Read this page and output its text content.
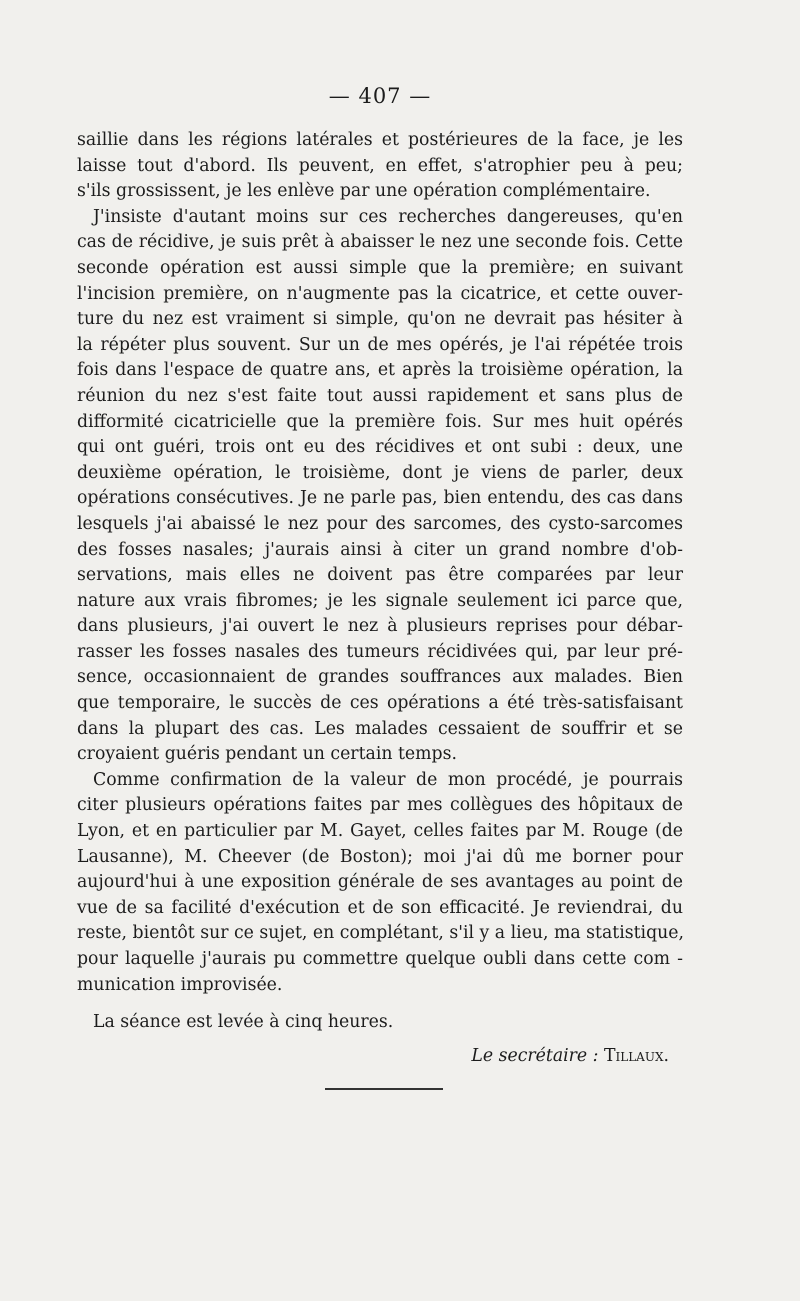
— 407 —
saillie dans les régions latérales et postérieures de la face, je les
laisse tout d'abord. Ils peuvent, en effet, s'atrophier peu à peu;
s'ils grossissent, je les enlève par une opération complémentaire.
J'insiste d'autant moins sur ces recherches dangereuses, qu'en
cas de récidive, je suis prêt à abaisser le nez une seconde fois. Cette
seconde opération est aussi simple que la première; en suivant
l'incision première, on n'augmente pas la cicatrice, et cette ouver-
ture du nez est vraiment si simple, qu'on ne devrait pas hésiter à
la répéter plus souvent. Sur un de mes opérés, je l'ai répétée trois
fois dans l'espace de quatre ans, et après la troisième opération, la
réunion du nez s'est faite tout aussi rapidement et sans plus de
difformité cicatricielle que la première fois. Sur mes huit opérés
qui ont guéri, trois ont eu des récidives et ont subi : deux, une
deuxième opération, le troisième, dont je viens de parler, deux
opérations consécutives. Je ne parle pas, bien entendu, des cas dans
lesquels j'ai abaissé le nez pour des sarcomes, des cysto-sarcomes
des fosses nasales; j'aurais ainsi à citer un grand nombre d'ob-
servations, mais elles ne doivent pas être comparées par leur
nature aux vrais fibromes; je les signale seulement ici parce que,
dans plusieurs, j'ai ouvert le nez à plusieurs reprises pour débar-
rasser les fosses nasales des tumeurs récidivées qui, par leur pré-
sence, occasionnaient de grandes souffrances aux malades. Bien
que temporaire, le succès de ces opérations a été très-satisfaisant
dans la plupart des cas. Les malades cessaient de souffrir et se
croyaient guéris pendant un certain temps.
Comme confirmation de la valeur de mon procédé, je pourrais
citer plusieurs opérations faites par mes collègues des hôpitaux de
Lyon, et en particulier par M. Gayet, celles faites par M. Rouge (de
Lausanne), M. Cheever (de Boston); moi j'ai dû me borner pour
aujourd'hui à une exposition générale de ses avantages au point de
vue de sa facilité d'exécution et de son efficacité. Je reviendrai, du
reste, bientôt sur ce sujet, en complétant, s'il y a lieu, ma statistique,
pour laquelle j'aurais pu commettre quelque oubli dans cette com -
munication improvisée.
La séance est levée à cinq heures.
Le secrétaire : Tillaux.
